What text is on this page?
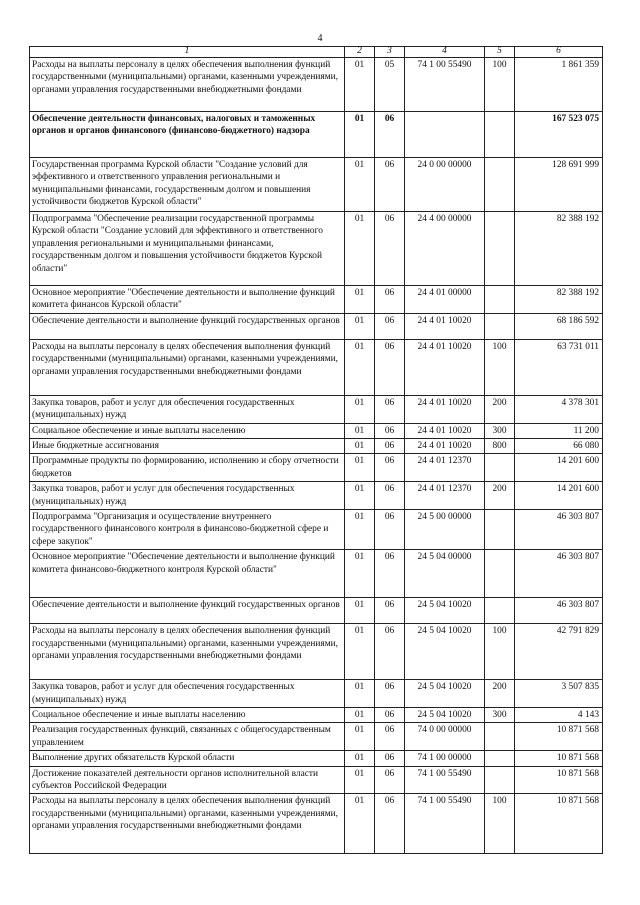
4
1	2	3	4	5	6
Расходы на выплаты персоналу в целях обеспечения выполнения функций государственными (муниципальными) органами, казенными учреждениями, органами управления государственными внебюджетными фондами	01	05	74 1 00 55490	100	1 861 359
Обеспечение деятельности финансовых, налоговых и таможенных органов и органов финансового (финансово-бюджетного) надзора	01	06			167 523 075
Государственная программа Курской области "Создание условий для эффективного и ответственного управления региональными и муниципальными финансами, государственным долгом и повышения устойчивости бюджетов Курской области"	01	06	24 0 00 00000		128 691 999
Подпрограмма "Обеспечение реализации государственной программы Курской области "Создание условий для эффективного и ответственного управления региональными и муниципальными финансами, государственным долгом и повышения устойчивости бюджетов Курской области"	01	06	24 4 00 00000		82 388 192
Основное мероприятие "Обеспечение деятельности и выполнение функций комитета финансов Курской области"	01	06	24 4 01 00000		82 388 192
Обеспечение деятельности и выполнение функций государственных органов	01	06	24 4 01 10020		68 186 592
Расходы на выплаты персоналу в целях обеспечения выполнения функций государственными (муниципальными) органами, казенными учреждениями, органами управления государственными внебюджетными фондами	01	06	24 4 01 10020	100	63 731 011
Закупка товаров, работ и услуг для обеспечения государственных (муниципальных) нужд	01	06	24 4 01 10020	200	4 378 301
Социальное обеспечение и иные выплаты населению	01	06	24 4 01 10020	300	11 200
Иные бюджетные ассигнования	01	06	24 4 01 10020	800	66 080
Программные продукты по формированию, исполнению и сбору отчетности бюджетов	01	06	24 4 01 12370		14 201 600
Закупка товаров, работ и услуг для обеспечения государственных (муниципальных) нужд	01	06	24 4 01 12370	200	14 201 600
Подпрограмма "Организация и осуществление внутреннего государственного финансового контроля в финансово-бюджетной сфере и сфере закупок"	01	06	24 5 00 00000		46 303 807
Основное мероприятие "Обеспечение деятельности и выполнение функций комитета финансово-бюджетного контроля Курской области"	01	06	24 5 04 00000		46 303 807
Обеспечение деятельности и выполнение функций государственных органов	01	06	24 5 04 10020		46 303 807
Расходы на выплаты персоналу в целях обеспечения выполнения функций государственными (муниципальными) органами, казенными учреждениями, органами управления государственными внебюджетными фондами	01	06	24 5 04 10020	100	42 791 829
Закупка товаров, работ и услуг для обеспечения государственных (муниципальных) нужд	01	06	24 5 04 10020	200	3 507 835
Социальное обеспечение и иные выплаты населению	01	06	24 5 04 10020	300	4 143
Реализация государственных функций, связанных с общегосударственным управлением	01	06	74 0 00 00000		10 871 568
Выполнение других обязательств Курской области	01	06	74 1 00 00000		10 871 568
Достижение показателей деятельности органов исполнительной власти субъектов Российской Федерации	01	06	74 1 00 55490		10 871 568
Расходы на выплаты персоналу в целях обеспечения выполнения функций государственными (муниципальными) органами, казенными учреждениями, органами управления государственными внебюджетными фондами	01	06	74 1 00 55490	100	10 871 568
